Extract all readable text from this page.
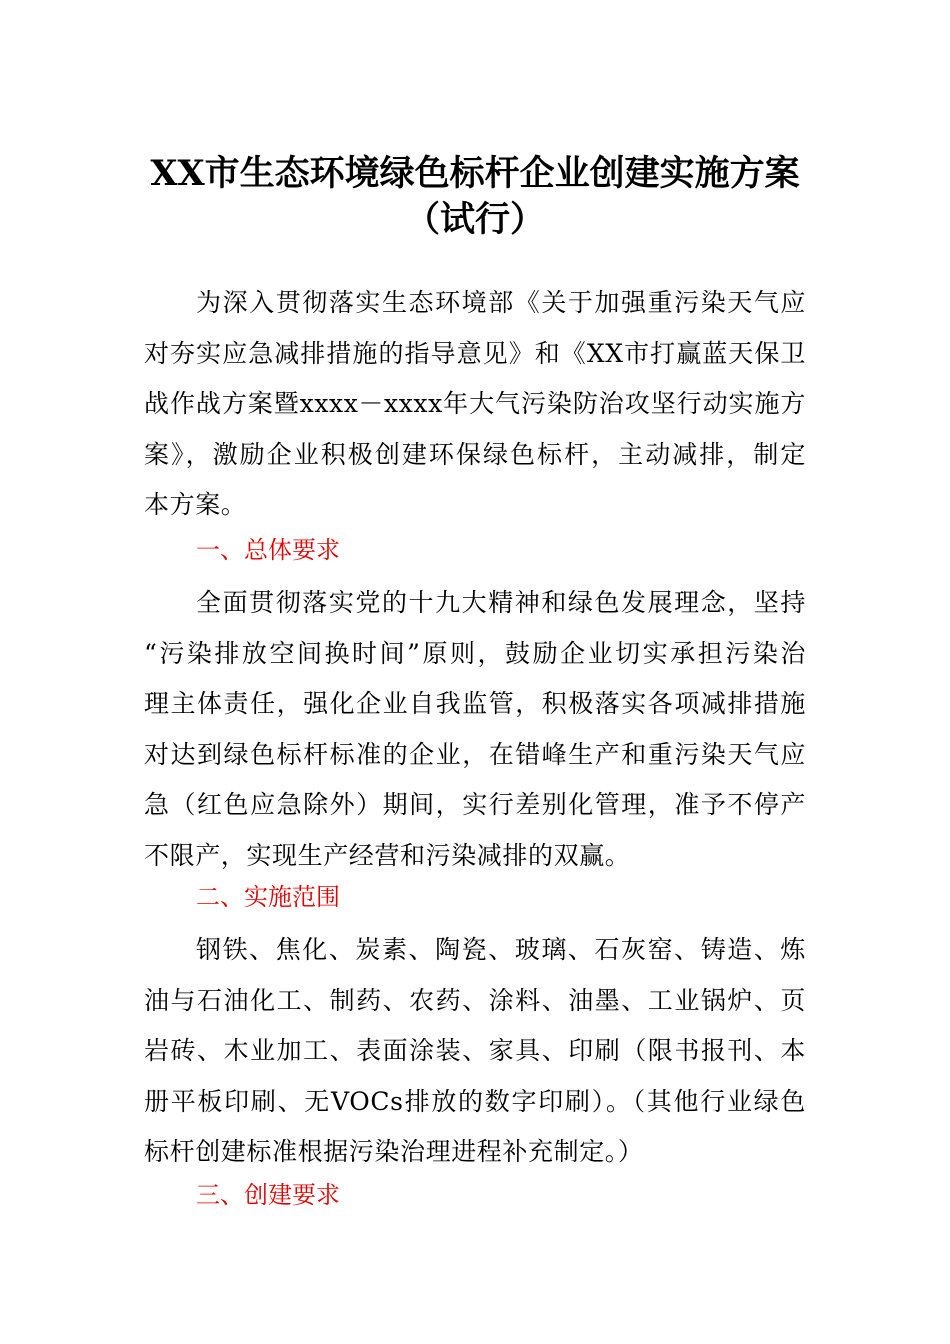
XX市生态环境绿色标杆企业创建实施方案
（试行）
为深入贯彻落实生态环境部《关于加强重污染天气应
对夯实应急减排措施的指导意见》和《XX市打赢蓝天保卫
战作战方案暨xxxx－xxxx年大气污染防治攻坚行动实施方
案》，激励企业积极创建环保绿色标杆，主动减排，制定
本方案。
一、总体要求
全面贯彻落实党的十九大精神和绿色发展理念，坚持
“污染排放空间换时间”原则，鼓励企业切实承担污染治
理主体责任，强化企业自我监管，积极落实各项减排措施
对达到绿色标杆标准的企业，在错峰生产和重污染天气应
急（红色应急除外）期间，实行差别化管理，准予不停产
不限产，实现生产经营和污染减排的双赢。
二、实施范围
钢铁、焦化、炭素、陶瓷、玻璃、石灰窑、铸造、炼
油与石油化工、制药、农药、涂料、油墨、工业锅炉、页
岩砖、木业加工、表面涂装、家具、印刷（限书报刊、本
册平板印刷、无VOCs排放的数字印刷）。（其他行业绿色
标杆创建标准根据污染治理进程补充制定。）
三、创建要求
